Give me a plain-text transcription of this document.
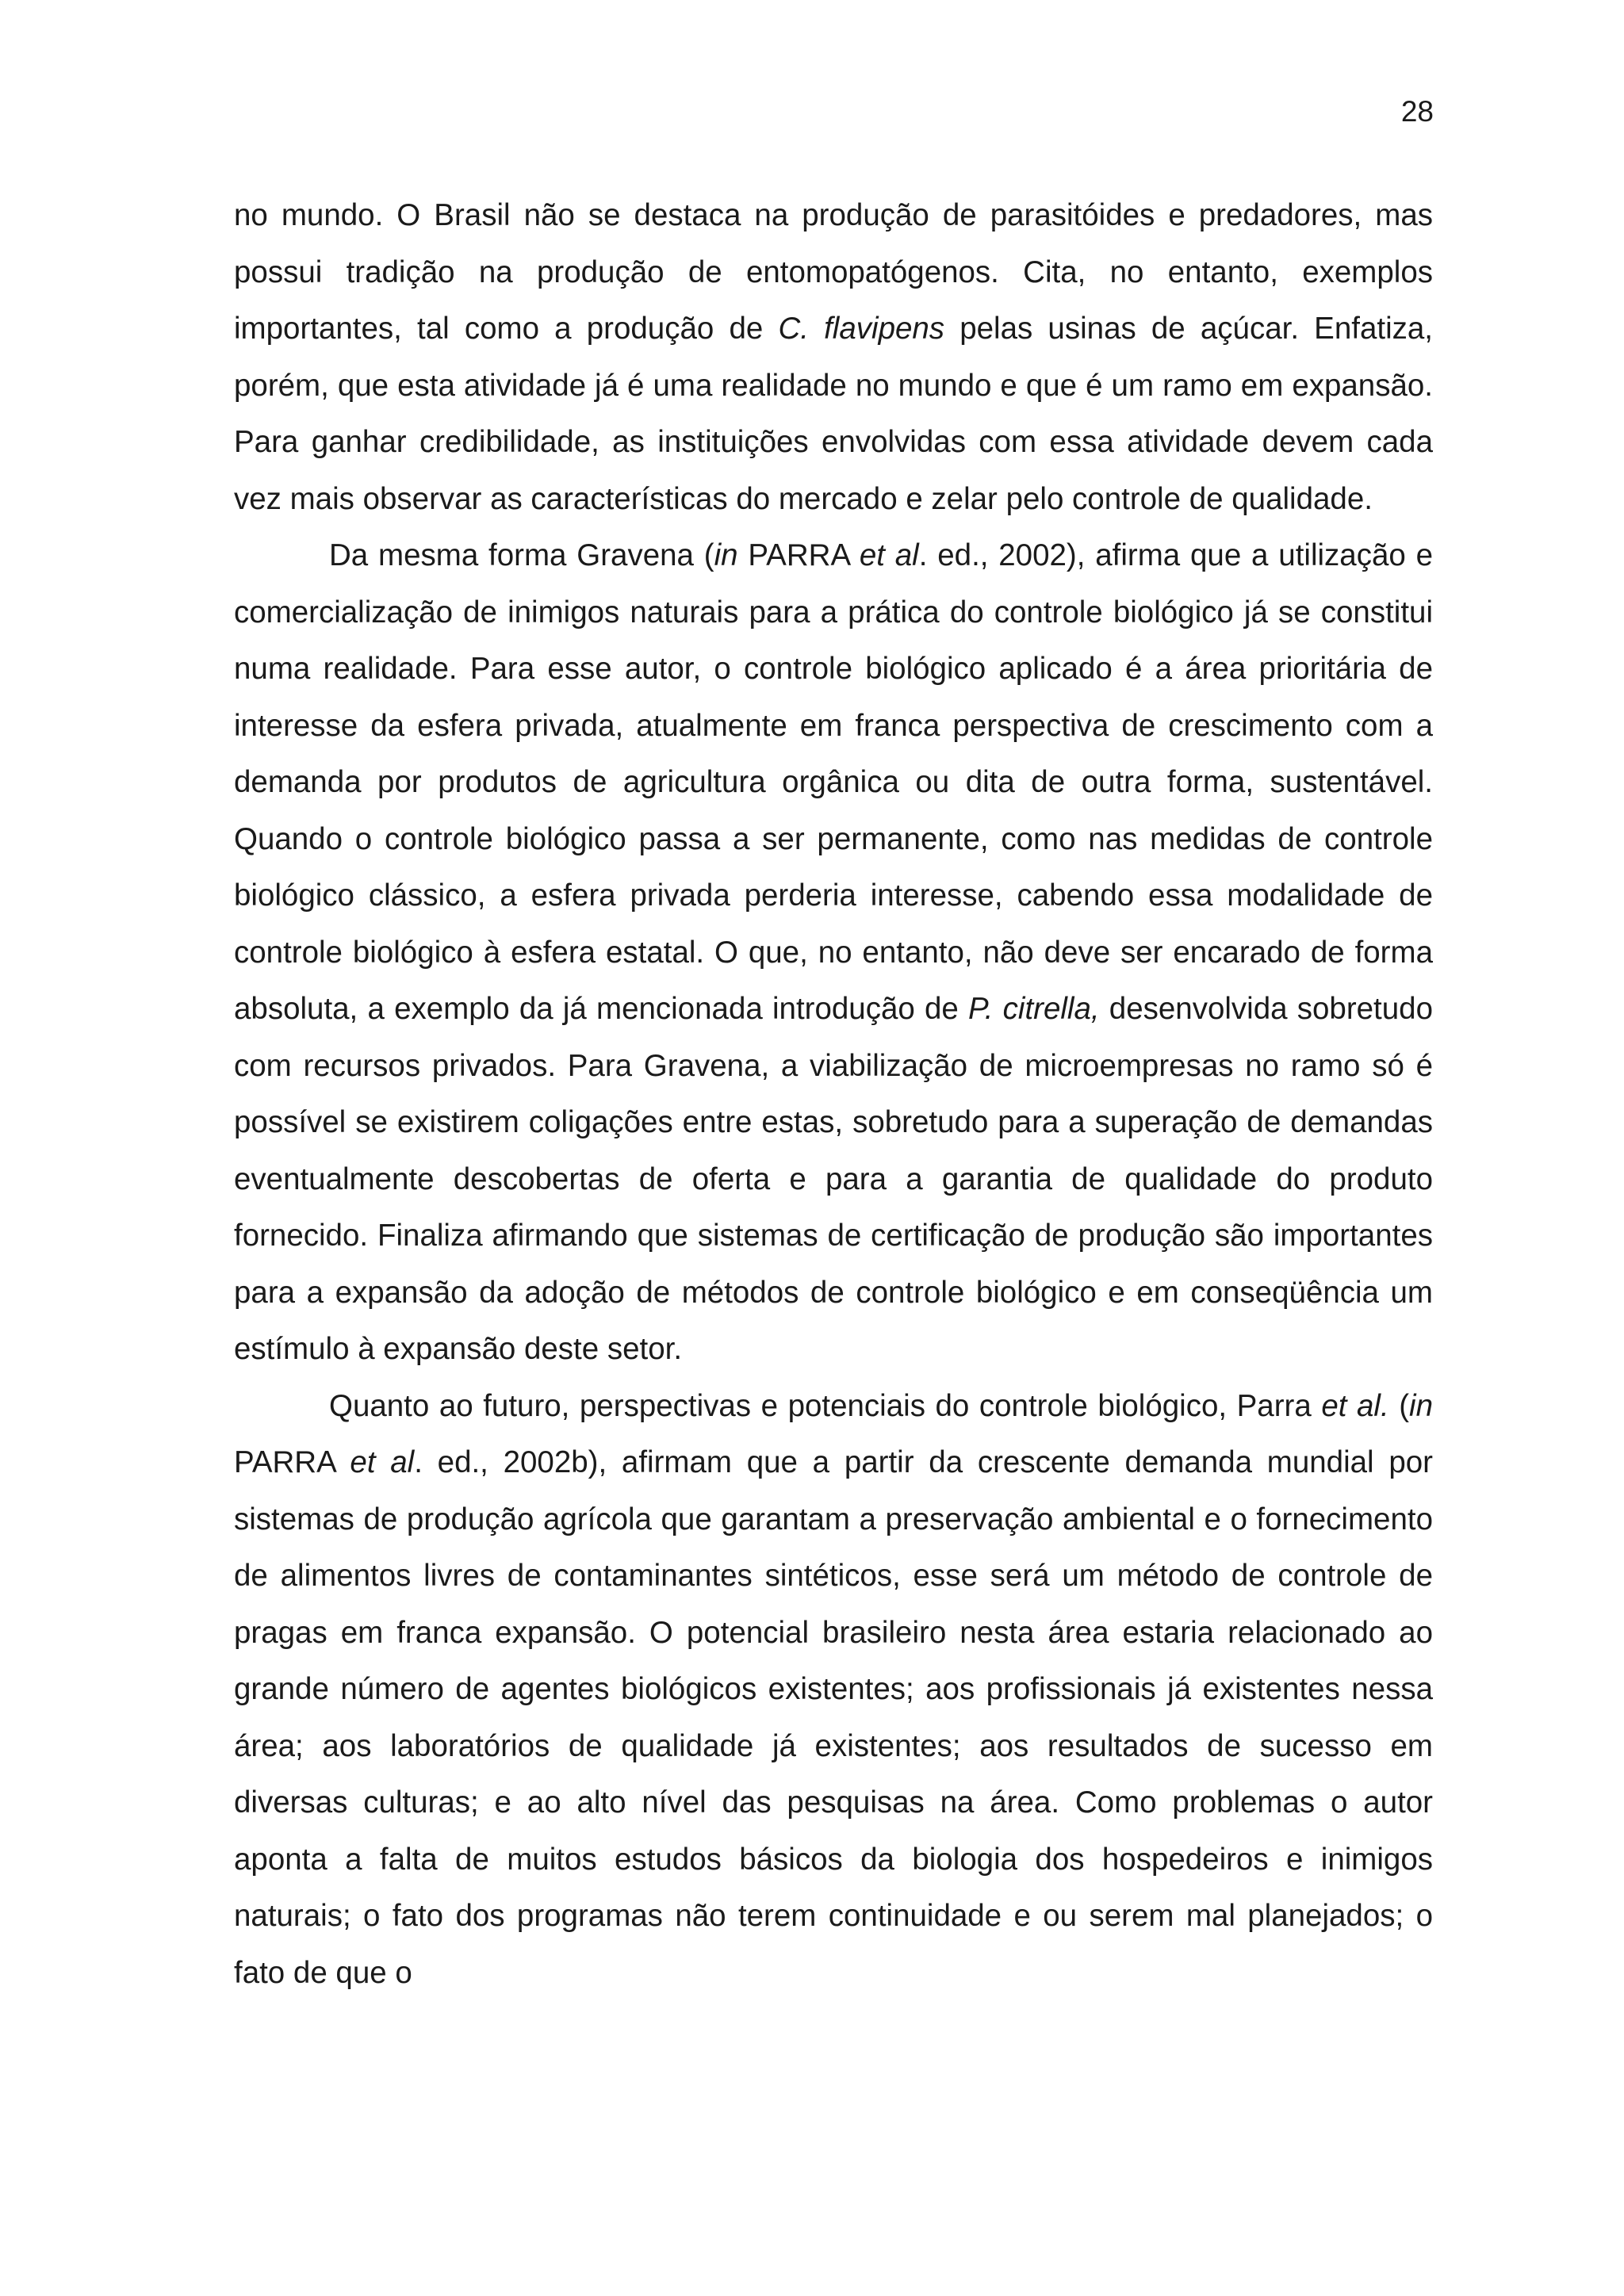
28

no mundo. O Brasil não se destaca na produção de parasitóides e predadores, mas possui tradição na produção de entomopatógenos. Cita, no entanto, exemplos importantes, tal como a produção de C. flavipens pelas usinas de açúcar. Enfatiza, porém, que esta atividade já é uma realidade no mundo e que é um ramo em expansão. Para ganhar credibilidade, as instituições envolvidas com essa atividade devem cada vez mais observar as características do mercado e zelar pelo controle de qualidade.

Da mesma forma Gravena (in PARRA et al. ed., 2002), afirma que a utilização e comercialização de inimigos naturais para a prática do controle biológico já se constitui numa realidade. Para esse autor, o controle biológico aplicado é a área prioritária de interesse da esfera privada, atualmente em franca perspectiva de crescimento com a demanda por produtos de agricultura orgânica ou dita de outra forma, sustentável. Quando o controle biológico passa a ser permanente, como nas medidas de controle biológico clássico, a esfera privada perderia interesse, cabendo essa modalidade de controle biológico à esfera estatal. O que, no entanto, não deve ser encarado de forma absoluta, a exemplo da já mencionada introdução de P. citrella, desenvolvida sobretudo com recursos privados. Para Gravena, a viabilização de microempresas no ramo só é possível se existirem coligações entre estas, sobretudo para a superação de demandas eventualmente descobertas de oferta e para a garantia de qualidade do produto fornecido. Finaliza afirmando que sistemas de certificação de produção são importantes para a expansão da adoção de métodos de controle biológico e em conseqüência um estímulo à expansão deste setor.

Quanto ao futuro, perspectivas e potenciais do controle biológico, Parra et al. (in PARRA et al. ed., 2002b), afirmam que a partir da crescente demanda mundial por sistemas de produção agrícola que garantam a preservação ambiental e o fornecimento de alimentos livres de contaminantes sintéticos, esse será um método de controle de pragas em franca expansão. O potencial brasileiro nesta área estaria relacionado ao grande número de agentes biológicos existentes; aos profissionais já existentes nessa área; aos laboratórios de qualidade já existentes; aos resultados de sucesso em diversas culturas; e ao alto nível das pesquisas na área. Como problemas o autor aponta a falta de muitos estudos básicos da biologia dos hospedeiros e inimigos naturais; o fato dos programas não terem continuidade e ou serem mal planejados; o fato de que o
